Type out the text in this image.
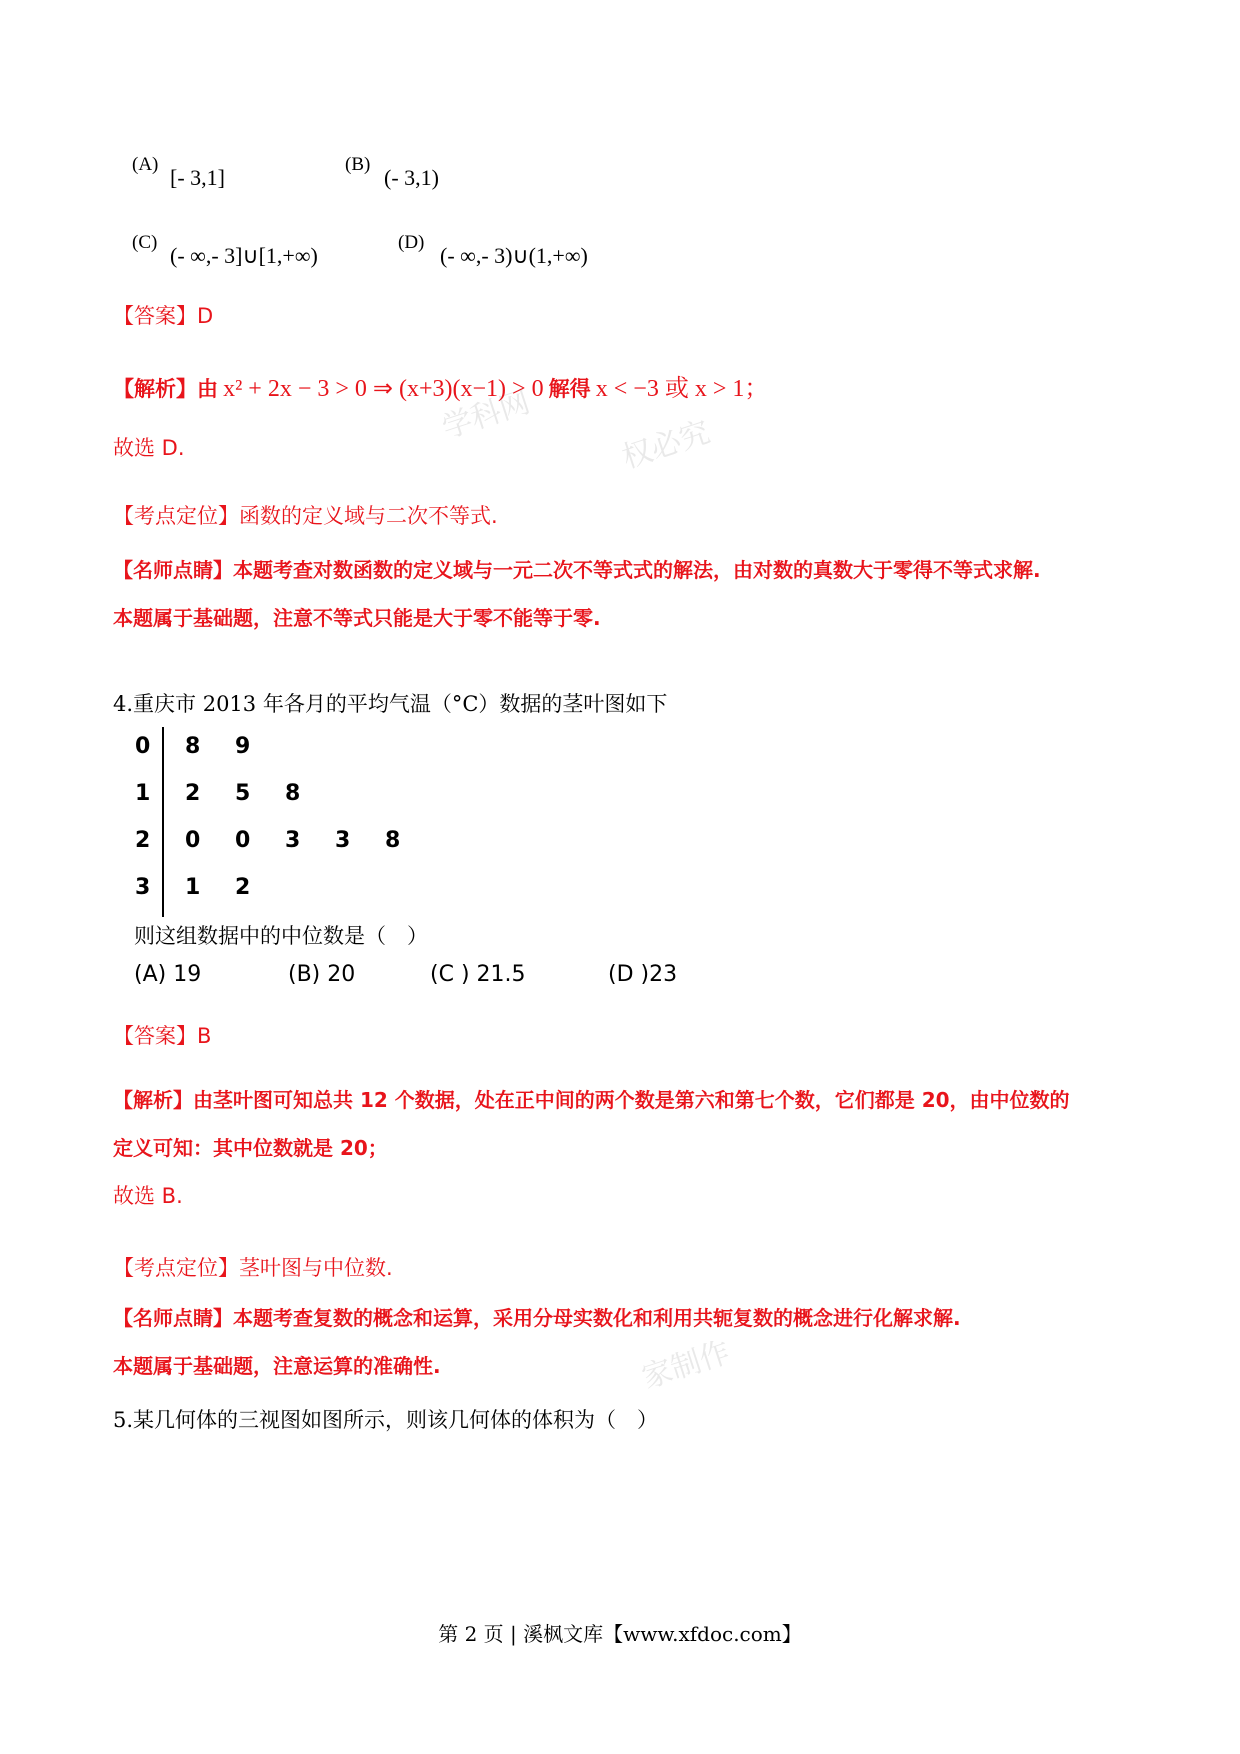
学科网	权必究
家制作
(A)
[- 3,1]
(B)
(- 3,1)
(C)
(- ∞,- 3]∪[1,+∞)
(D)
(- ∞,- 3)∪(1,+∞)
【答案】D
【解析】由 x² + 2x − 3 > 0 ⇒ (x+3)(x−1) > 0 解得 x < −3 或 x > 1；
故选 D.
【考点定位】函数的定义域与二次不等式.
【名师点睛】本题考查对数函数的定义域与一元二次不等式式的解法，由对数的真数大于零得不等式求解.
本题属于基础题，注意不等式只能是大于零不能等于零.
4.重庆市 2013 年各月的平均气温（°C）数据的茎叶图如下
0 8 9
1 2 5 8
2 0 0 3 3 8
3 1 2
则这组数据中的中位数是（　）
(A) 19	(B) 20	(C ) 21.5	(D )23
【答案】B
【解析】由茎叶图可知总共 12 个数据，处在正中间的两个数是第六和第七个数，它们都是 20，由中位数的
定义可知：其中位数就是 20；
故选 B.
【考点定位】茎叶图与中位数.
【名师点睛】本题考查复数的概念和运算，采用分母实数化和利用共轭复数的概念进行化解求解.
本题属于基础题，注意运算的准确性.
5.某几何体的三视图如图所示，则该几何体的体积为（　）
第 2 页 | 溪枫文库【www.xfdoc.com】
